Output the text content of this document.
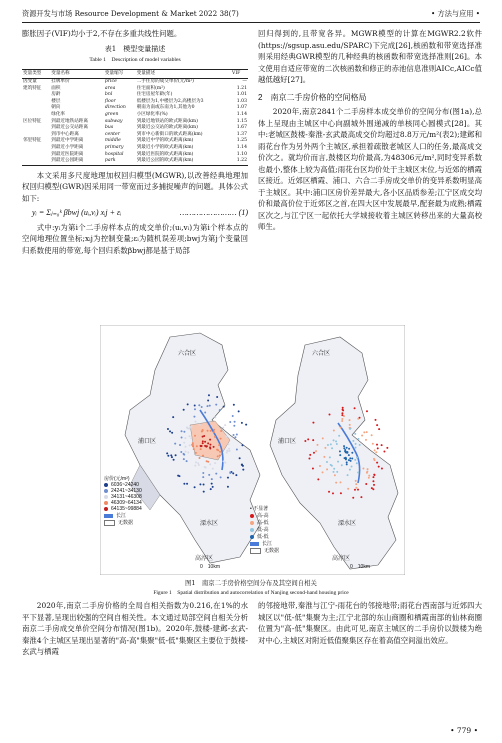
资源开发与市场 Resource Development & Market 2022 38(7)	• 方法与应用 •

膨胀因子(VIF)均小于2,不存在多重共线性问题。

表1　模型变量描述
Table 1　Description of model variables
变量类型	变量名称	变量缩写	变量描述	VIF
因变量	挂牌单价	price	二手住房的成交单价(元/m²)	—
建筑特征	面积	area	住宅面积(m²)	1.21
	房龄	bnl	住宅房屋年龄(年)	1.01
	楼层	floor	低楼层为1,中楼层为2,高楼层为3	1.03
	朝向	direction	朝南为南或东南为1,其他为0	1.07
	绿化率	green	小区绿化率(%)	1.14
区位特征	到最近地铁站距离	subway	到最近地铁站的欧式距离(km)	1.15
	到最近公交站距离	bus	到最近公交站的欧式距离(km)	1.67
	到市中心距离	center	到市中心新街口的欧式距离(km)	1.37
邻里特征	到最近中学距离	middle	到最近中学的欧式距离(km)	1.25
	到最近小学距离	primary	到最近小学的欧式距离(km)	1.14
	到最近医院距离	hospital	到最近医院的欧式距离(km)	1.10
	到最近公园距离	park	到最近公园的欧式距离(km)	1.22

本文采用多尺度地理加权回归模型(MGWR),以改善经典地理加权回归模型(GWR)因采用同一带宽而过多捕捉噪声的问题。具体公式如下:

yᵢ = Σⱼ₌₀ᵏ βbwj (uᵢ,vᵢ) xᵢj + εᵢ	…………………… (1)

式中:yᵢ为第i个二手房样本点的成交单价;(uᵢ,vᵢ)为第i个样本点的空间地理位置坐标;xᵢj为控制变量;εᵢ为随机误差项;bwj为第j个变量回归系数使用的带宽,每个回归系数βbwj都是基于局部

回归得到的,且带宽各异。MGWR模型的计算在MGWR2.2软件(https://sgsup.asu.edu/SPARC)下完成[26],核函数和带宽选择准则采用经典GWR模型的几种经典的核函数和带宽选择准则[26]。本文使用自适应带宽的二次核函数和修正的赤池信息准则AICc,AICc值越低越好[27]。

2　南京二手房价格的空间格局

2020年,南京2841个二手房样本成交单价的空间分布(图1a),总体上呈现由主城区中心向副城外围递减的单核同心圆模式[28]。其中:老城区鼓楼-秦淮-玄武最高成交价均超过8.8万元/m²(表2);建邺和雨花台作为另外两个主城区,承担着疏散老城区人口的任务,最高成交价次之。就均价而言,鼓楼区均价最高,为48306元/m²,同时变异系数也最小,整体上较为高值;雨花台区均价处于主城区末位,与近郊的栖霞区接近。近郊区栖霞、浦口、六合二手房成交单价的变异系数明显高于主城区。其中:浦口区房价差异最大,各小区品质参差;江宁区成交均价和最高价位于近郊区之首,在四大区中发展最早,配套最为成熟;栖霞区次之,与江宁区一起依托大学城接收着主城区转移出来的大量高校师生。

六合区
浦口区
溧水区
高淳区
六合区
浦口区
溧水区
高淳区
房价(元/m²)
6036~24240
24241~34130
34131~46308
46309~64134
64135~99884
长江
无数据
• 不显著
高-高
高-低
低-高
低-低
长江
无数据
0　10km	0　10km
图1　南京二手房价格空间分布及其空间自相关
Figure 1　Spatial distribution and autocorrelation of Nanjing second-hand housing price
2020年,南京二手房价格的全局自相关指数为0.216,在1%的水平下显著,呈现出较强的空间自相关性。本文通过局部空间自相关分析南京二手房成交单价空间分布情况(图1b)。2020年,鼓楼-建邺-玄武-秦淮4个主城区呈现出显著的"高-高"集聚"低-低"集聚区主要位于鼓楼-玄武与栖霞
的邻接地带,秦淮与江宁-雨花台的邻接地带;雨花台西南部与近郊四大城区以"低-低"集聚为主;江宁北部的东山商圈和栖霞南部的仙林商圈位置为"高-低"集聚区。由此可见,南京主城区的二手房价以鼓楼为绝对中心,主城区对附近低值聚集区存在着高值空间溢出效应。
• 779 •
